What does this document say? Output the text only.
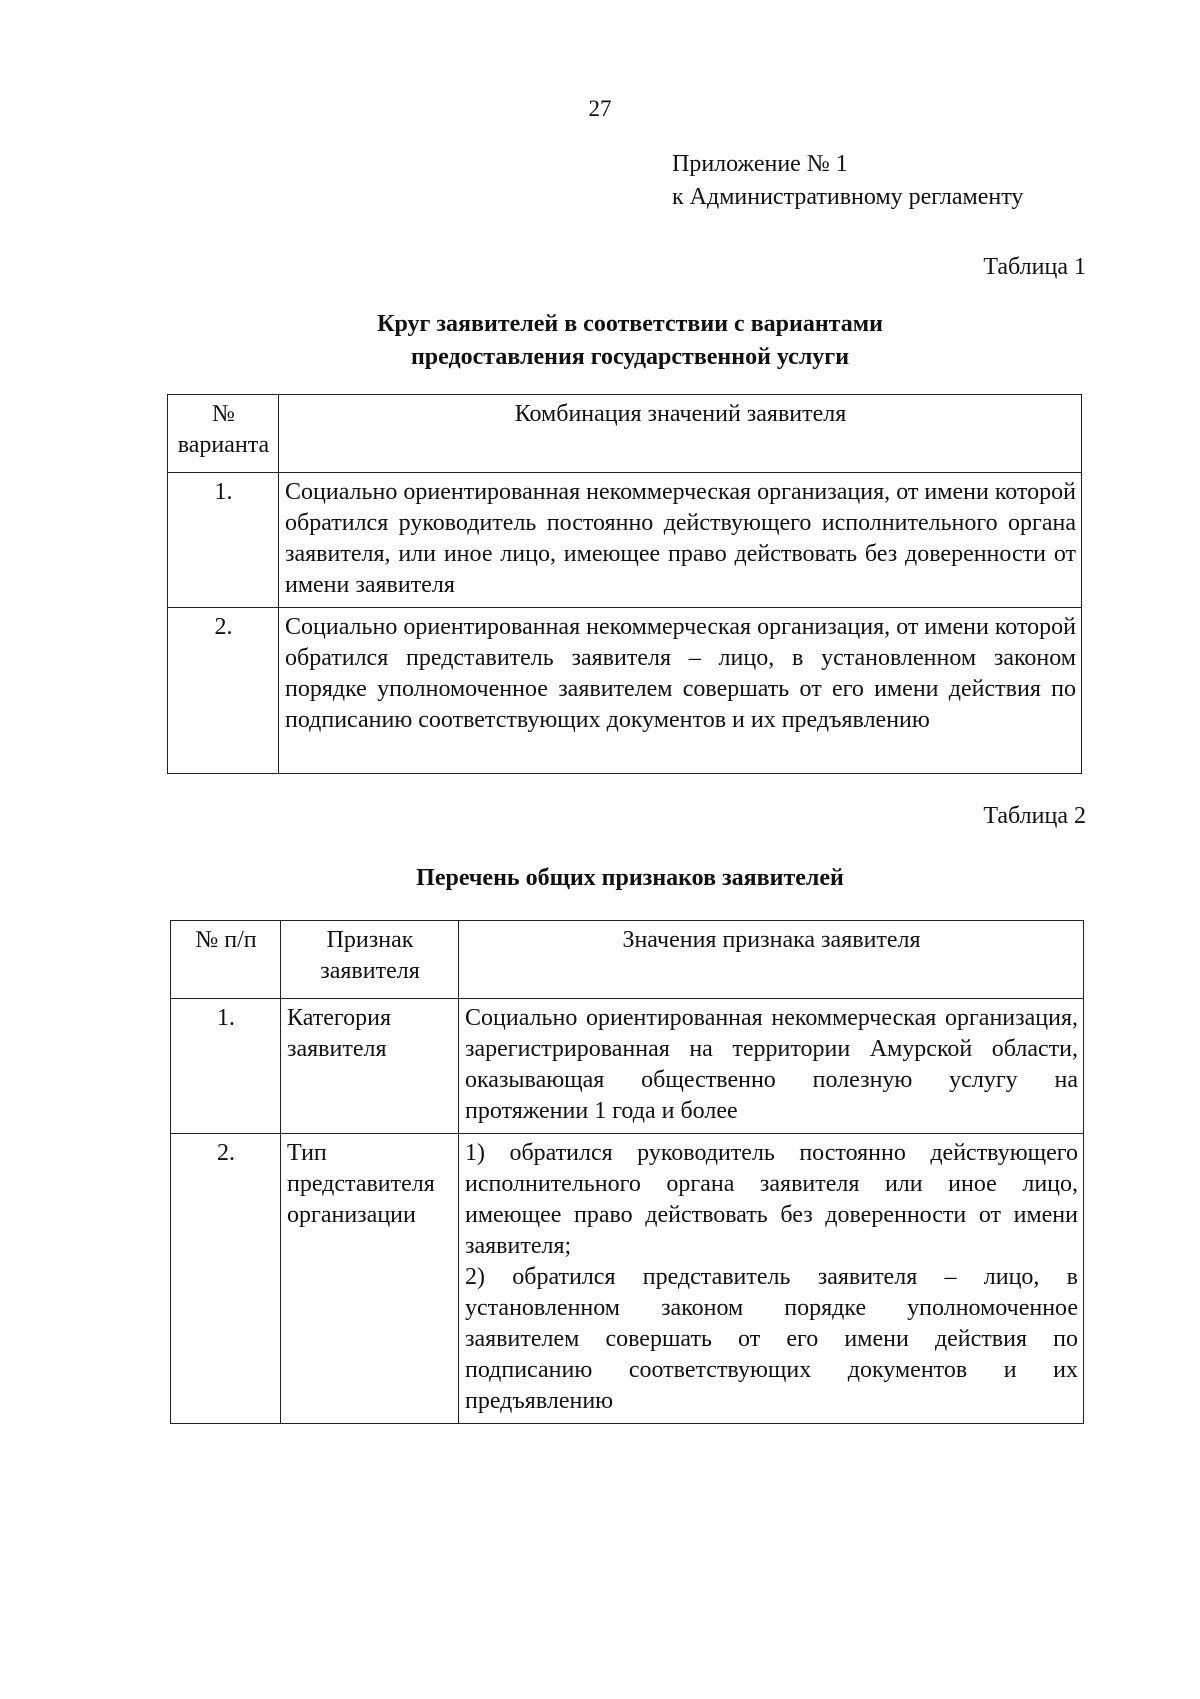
27
Приложение № 1
к Административному регламенту
Таблица 1
Круг заявителей в соответствии с вариантами
предоставления государственной услуги
№ варианта	Комбинация значений заявителя
1.	Социально ориентированная некоммерческая организация, от имени которой обратился руководитель постоянно действующего исполнительного органа заявителя, или иное лицо, имеющее право действовать без доверенности от имени заявителя
2.	Социально ориентированная некоммерческая организация, от имени которой обратился представитель заявителя – лицо, в установленном законом порядке уполномоченное заявителем совершать от его имени действия по подписанию соответствующих документов и их предъявлению
Таблица 2
Перечень общих признаков заявителей
№ п/п	Признак заявителя	Значения признака заявителя
1.	Категория заявителя	Социально ориентированная некоммерческая организация, зарегистрированная на территории Амурской области, оказывающая общественно полезную услугу на протяжении 1 года и более

2.	Тип представителя организации	1) обратился руководитель постоянно действующего исполнительного органа заявителя или иное лицо, имеющее право действовать без доверенности от имени заявителя;
2) обратился представитель заявителя – лицо, в установленном законом порядке уполномоченное заявителем совершать от его имени действия по подписанию соответствующих документов и их предъявлению
